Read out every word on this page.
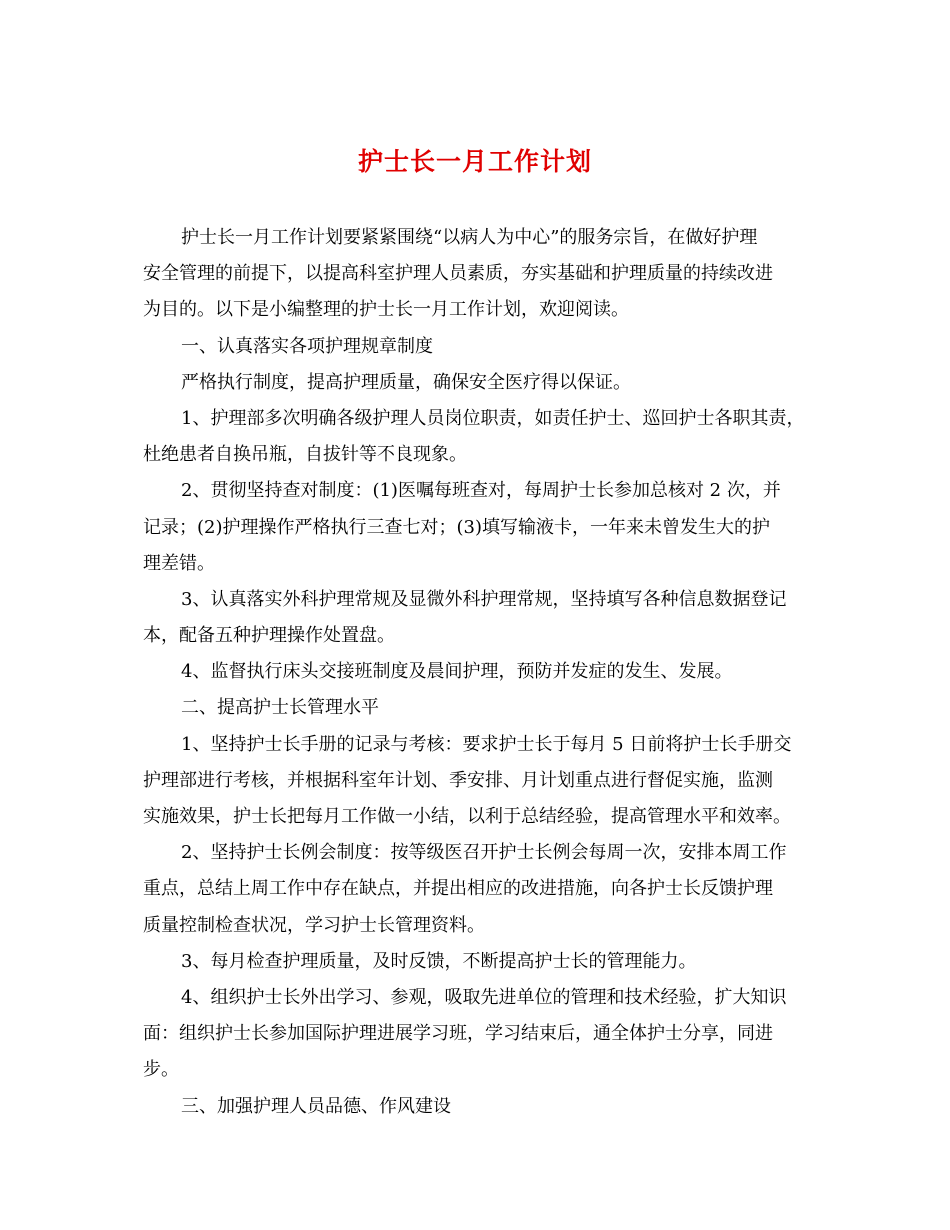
护士长一月工作计划
护士长一月工作计划要紧紧围绕“以病人为中心”的服务宗旨，在做好护理
安全管理的前提下，以提高科室护理人员素质，夯实基础和护理质量的持续改进
为目的。以下是小编整理的护士长一月工作计划，欢迎阅读。
一、认真落实各项护理规章制度
严格执行制度，提高护理质量，确保安全医疗得以保证。
1、护理部多次明确各级护理人员岗位职责，如责任护士、巡回护士各职其责，
杜绝患者自换吊瓶，自拔针等不良现象。
2、贯彻坚持查对制度：(1)医嘱每班查对，每周护士长参加总核对 2 次，并
记录；(2)护理操作严格执行三查七对；(3)填写输液卡，一年来未曾发生大的护
理差错。
3、认真落实外科护理常规及显微外科护理常规，坚持填写各种信息数据登记
本，配备五种护理操作处置盘。
4、监督执行床头交接班制度及晨间护理，预防并发症的发生、发展。
二、提高护士长管理水平
1、坚持护士长手册的记录与考核：要求护士长于每月 5 日前将护士长手册交
护理部进行考核，并根据科室年计划、季安排、月计划重点进行督促实施，监测
实施效果，护士长把每月工作做一小结，以利于总结经验，提高管理水平和效率。
2、坚持护士长例会制度：按等级医召开护士长例会每周一次，安排本周工作
重点，总结上周工作中存在缺点，并提出相应的改进措施，向各护士长反馈护理
质量控制检查状况，学习护士长管理资料。
3、每月检查护理质量，及时反馈，不断提高护士长的管理能力。
4、组织护士长外出学习、参观，吸取先进单位的管理和技术经验，扩大知识
面：组织护士长参加国际护理进展学习班，学习结束后，通全体护士分享，同进
步。
三、加强护理人员品德、作风建设
